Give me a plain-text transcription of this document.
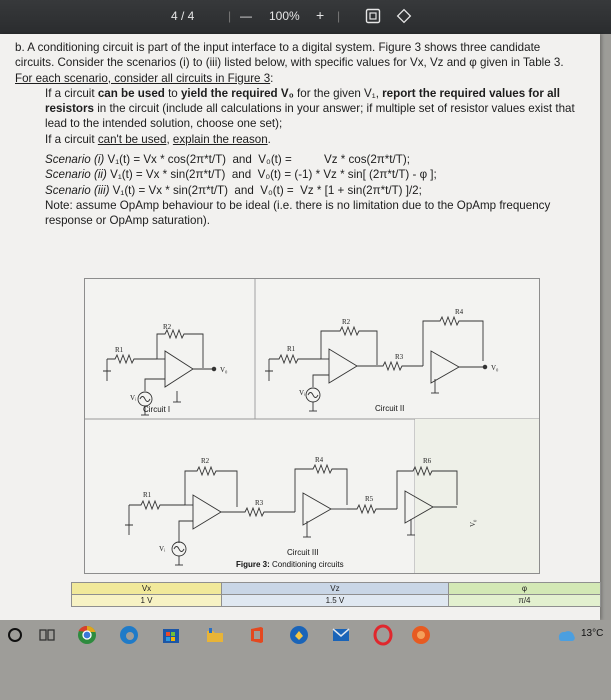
4 / 4	| — 100% + |

b. A conditioning circuit is part of the input interface to a digital system. Figure 3 shows three candidate circuits. Consider the scenarios (i) to (iii) listed below, with specific values for Vx, Vz and φ given in Table 3. For each scenario, consider all circuits in Figure 3:

If a circuit can be used to yield the required V₀ for the given V₁, report the required values for all resistors in the circuit (include all calculations in your answer; if multiple set of resistor values exist that lead to the intended solution, choose one set);

If a circuit can't be used, explain the reason.

Scenario (i) V₁(t) = Vx * cos(2π*t/T)  and  V₀(t) =          Vz * cos(2π*t/T);

Scenario (ii) V₁(t) = Vx * sin(2π*t/T)  and  V₀(t) = (-1) * Vz * sin[ (2π*t/T) - φ ];

Scenario (iii) V₁(t) = Vx * sin(2π*t/T)  and  V₀(t) =  Vz * [1 + sin(2π*t/T) ]/2;

Note: assume OpAmp behaviour to be ideal (i.e. there is no limitation due to the OpAmp frequency response or OpAmp saturation).

R2
R1
Vᵢ
V₀
Circuit I
R2
R1
R3
R4
Vᵢ
V₀
Circuit II
R2
R1
R3
R4
R5
R6
Vᵢ
V₀
Circuit III
Figure 3: Conditioning circuits
Vx	Vz	φ
1 V	1.5 V	π/4
13°C
